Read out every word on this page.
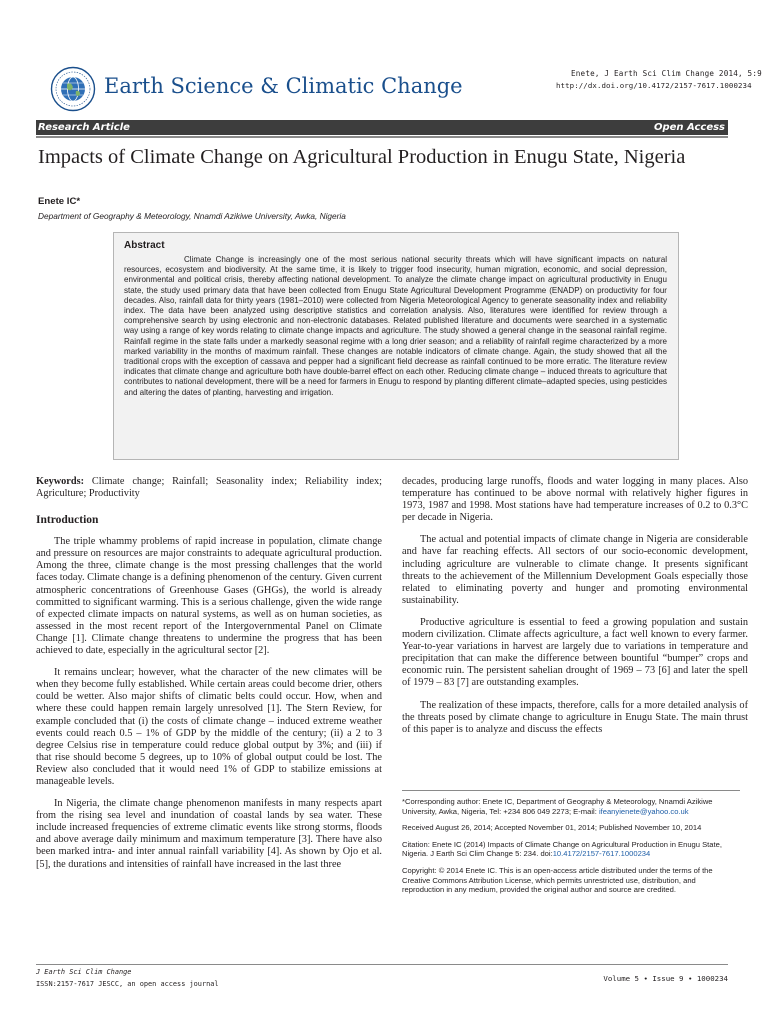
Earth Science & Climatic Change
Enete, J Earth Sci Clim Change 2014, 5:9
http://dx.doi.org/10.4172/2157-7617.1000234
Research Article	Open Access
Impacts of Climate Change on Agricultural Production in Enugu State, Nigeria
Enete IC*
Department of Geography & Meteorology, Nnamdi Azikiwe University, Awka, Nigeria
Abstract

Climate Change is increasingly one of the most serious national security threats which will have significant impacts on natural resources, ecosystem and biodiversity. At the same time, it is likely to trigger food insecurity, human migration, economic, and social depression, environmental and political crisis, thereby affecting national development. To analyze the climate change impact on agricultural productivity in Enugu state, the study used primary data that have been collected from Enugu State Agricultural Development Programme (ENADP) on productivity for four decades. Also, rainfall data for thirty years (1981–2010) were collected from Nigeria Meteorological Agency to generate seasonality index and reliability index. The data have been analyzed using descriptive statistics and correlation analysis. Also, literatures were identified for review through a comprehensive search by using electronic and non-electronic databases. Related published literature and documents were searched in a systematic way using a range of key words relating to climate change impacts and agriculture. The study showed a general change in the seasonal rainfall regime. Rainfall regime in the state falls under a markedly seasonal regime with a long drier season; and a reliability of rainfall regime characterized by a more marked variability in the months of maximum rainfall. These changes are notable indicators of climate change. Again, the study showed that all the traditional crops with the exception of cassava and pepper had a significant field decrease as rainfall continued to be more erratic. The literature review indicates that climate change and agriculture both have double-barrel effect on each other. Reducing climate change – induced threats to agriculture that contributes to national development, there will be a need for farmers in Enugu to respond by planting different climate–adapted species, using pesticides and altering the dates of planting, harvesting and irrigation.

Keywords: Climate change; Rainfall; Seasonality index; Reliability index; Agriculture; Productivity

Introduction

The triple whammy problems of rapid increase in population, climate change and pressure on resources are major constraints to adequate agricultural production. Among the three, climate change is the most pressing challenges that the world faces today. Climate change is a defining phenomenon of the century. Given current atmospheric concentrations of Greenhouse Gases (GHGs), the world is already committed to significant warming. This is a serious challenge, given the wide range of expected climate impacts on natural systems, as well as on human societies, as assessed in the most recent report of the Intergovernmental Panel on Climate Change [1]. Climate change threatens to undermine the progress that has been achieved to date, especially in the agricultural sector [2].

It remains unclear; however, what the character of the new climates will be when they become fully established. While certain areas could become drier, others could be wetter. Also major shifts of climatic belts could occur. How, when and where these could happen remain largely unresolved [1]. The Stern Review, for example concluded that (i) the costs of climate change – induced extreme weather events could reach 0.5 – 1% of GDP by the middle of the century; (ii) a 2 to 3 degree Celsius rise in temperature could reduce global output by 3%; and (iii) if that rise should become 5 degrees, up to 10% of global output could be lost. The Review also concluded that it would need 1% of GDP to stabilize emissions at manageable levels.

In Nigeria, the climate change phenomenon manifests in many respects apart from the rising sea level and inundation of coastal lands by sea water. These include increased frequencies of extreme climatic events like strong storms, floods and above average daily minimum and maximum temperature [3]. There have also been marked intra- and inter annual rainfall variability [4]. As shown by Ojo et al. [5], the durations and intensities of rainfall have increased in the last three

decades, producing large runoffs, floods and water logging in many places. Also temperature has continued to be above normal with relatively higher figures in 1973, 1987 and 1998. Most stations have had temperature increases of 0.2 to 0.3°C per decade in Nigeria.

The actual and potential impacts of climate change in Nigeria are considerable and have far reaching effects. All sectors of our socio-economic development, including agriculture are vulnerable to climate change. It presents significant threats to the achievement of the Millennium Development Goals especially those related to eliminating poverty and hunger and promoting environmental sustainability.

Productive agriculture is essential to feed a growing population and sustain modern civilization. Climate affects agriculture, a fact well known to every farmer. Year-to-year variations in harvest are largely due to variations in temperature and precipitation that can make the difference between bountiful “bumper” crops and economic ruin. The persistent sahelian drought of 1969 – 73 [6] and later the spell of 1979 – 83 [7] are outstanding examples.

The realization of these impacts, therefore, calls for a more detailed analysis of the threats posed by climate change to agriculture in Enugu State. The main thrust of this paper is to analyze and discuss the effects

*Corresponding author: Enete IC, Department of Geography & Meteorology, Nnamdi Azikiwe University, Awka, Nigeria, Tel: +234 806 049 2273; E-mail: ifeanyienete@yahoo.co.uk
Received August 26, 2014; Accepted November 01, 2014; Published November 10, 2014
Citation: Enete IC (2014) Impacts of Climate Change on Agricultural Production in Enugu State, Nigeria. J Earth Sci Clim Change 5: 234. doi:10.4172/2157-7617.1000234
Copyright: © 2014 Enete IC. This is an open-access article distributed under the terms of the Creative Commons Attribution License, which permits unrestricted use, distribution, and reproduction in any medium, provided the original author and source are credited.
J Earth Sci Clim Change
ISSN:2157-7617 JESCC, an open access journal
Volume 5 • Issue 9 • 1000234
